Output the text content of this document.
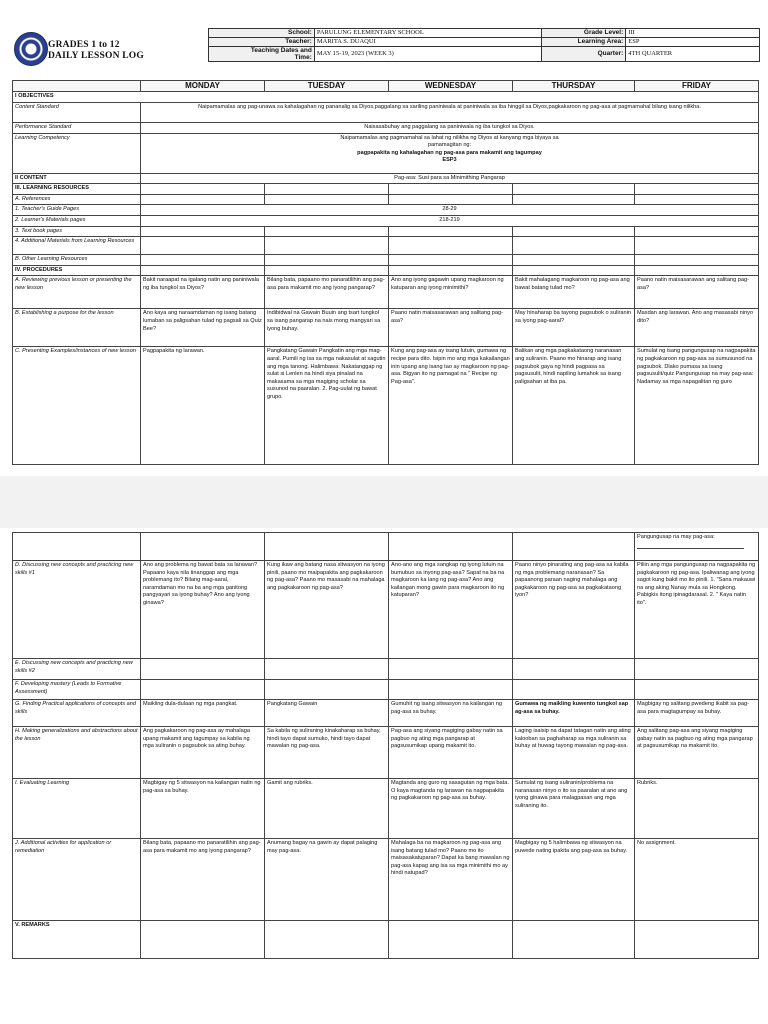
GRADES 1 to 12
DAILY LESSON LOG
School:	PARULUNG ELEMENTARY SCHOOL	Grade Level:	III
Teacher:	MARITA S. DUAQUI	Learning Area:	ESP
Teaching Dates and
Time:	MAY 15-19, 2023 (WEEK 3)	Quarter:	4TH QUARTER
	MONDAY	TUESDAY	WEDNESDAY	THURSDAY	FRIDAY
I OBJECTIVES					
Content Standard	Naipamamalas ang pag-unawa sa kahalagahan ng pananalig sa Diyos,paggalang sa sariling paniniwala at paniniwala sa iba hinggil sa Diyos,pagkakaroon ng pag-asa at pagmamahal bilang isang nilikha.				
Performance Standard	Naisasabuhay ang paggalang sa paniniwala ng iba tungkol sa Diyos.				
Learning Competency	Naipamamalas ang pagmamahal sa lahat ng nilikha ng Diyos at kanyang mga biyaya sa
pamamagitan ng:
pagpapakita ng kahalagahan ng pag-asa para makamit ang tagumpay
ESP3				

II CONTENT	Pag-asa: Susi para sa Minimithing Pangarap				
III. LEARNING RESOURCES					
A. References					
1. Teacher's Guide Pages	28-29				
2. Learner's Materials pages	218-219				
3. Text book pages					
4. Additional Materials from Learning Resources					
B. Other Learning Resources					
IV. PROCEDURES					
A. Reviewing previous lesson or presenting the new lesson	Bakit naraapat na igalang natin ang paniniwala ng iba tungkol sa Diyos?	Bilang bata, papaano mo panaratilihin ang pag-asa para makamit mo ang iyong pangarap?	Ano ang iyong gagawin upang magkaroon ng katuparan ang iyong minimithi?	Bakit mahalagang magkaroon ng pag-asa ang bawat batang tulad mo?	Paano natin maisasarawan ang salitang pag-asa?
B. Establishing a purpose for the lesson	Ano kaya ang naraamdaman ng isang batang lumaban sa paligsahan tulad ng pagsali sa Quiz Bee?	Indibidwal na Gawain Buuin ang tsart tungkol sa isang pangarap na nais mong mangyari sa iyong buhay.	Paano natin maisasarawan ang salitang pag-asa?	May hinaharap ba tayong pagsubok o suliranin sa iyong pag-aaral?	Masdan ang larawan. Ano ang masasabi ninyo dito?
C. Presenting Examples/instances of new lesson	Pagpapakita ng larawan.	Pangkatang Gawain Pangkatin ang mga mag-aaral. Pumili ng isa sa mga nakasulat at sagutin ang mga tanong. Halimbawa: Nakatanggap ng sulat si Lenlen na hindi siya pinalad na makasama sa mga magiging scholar sa susunod na paaralan. 2. Pag-uulat ng bawat grupo.	Kung ang pag-asa ay isang lutuin, gumawa ng recipe para dito. Isipin mo ang mga kakailangan inin upang ang isang tao ay magkaroon ng pag-asa. Bigyan ito ng pamagat na " Recipe ng Pag-asa".	Balikan ang mga pagkakataong naranasan ang suliranin. Paano mo hinarap ang isang pagsubok gaya ng hindi pagpasa sa pagsusulit, hindi napiling lumahok sa isang paligsahan at iba pa.	Sumulat ng isang pangungusap na nagpapakita ng pagkakaroon ng pag-asa sa sumusunod na pagsubok. Dlako pumasa sa isang pagsusulit/quiz Pangungusap na may pag-asa: Nadamay sa mga napagalitan ng guro
					Pangungusap na may pag-asa:

D. Discussing new concepts and practicing new skills #1	Ano ang problema ng bawat bata sa larawan? Papaano kaya nila tinanggap ang mga problemang ito? Bilang mag-aaral, naramdaman mo na ba ang mga ganitong pangyayari sa iyong buhay? Ano ang iyong ginawa?	Kung ikaw ang batang nasa sitwasyon na iyong pinili, paano mo maipapakita ang pagkakaroon ng pag-asa? Paano mo masasabi na mahalaga ang pagkakaroon ng pag-asa?	Ano-ano ang mga sangkap ng iyong lutuin na bumubuo sa inyong pag-asa? Sapat na ba na magkaroon ka lang ng pag-asa? Ano ang kailangan mong gawin para magkaroon ito ng katuparan?	Paano ninyo pinarating ang pag-asa sa kabila ng mga problemang naranasan? Sa papaanong paraan naging mahalaga ang pagkakaroon ng pag-asa sa pagkakataong iyon?	Piliin ang mga pangungusap na nagpapakita ng pagkakaroon ng pag-asa. Ipaliwanag ang iyong sagot kung bakit mo ito pinili. 1. "Sana makauwi na ang aking Nanay mula sa Hongkong. Pabigkis itong ipinagdarasal. 2. " Kaya natin ito".
E. Discussing new concepts and practicing new skills #2					
F. Developing mastery (Leads to Formative Assessment)					
G. Finding Practical applications of concepts and skills	Maikling dula-dulaan ng mga pangkat.	Pangkatang Gawain	Gumuhit ng isang sitwasyon na kailangan ng pag-asa sa buhay.	Gumawa ng maikling kuwento tungkol sap ag-asa sa buhay.	Magbigay ng salitang pwedeng ikabit sa pag-asa para magtagumpay sa buhay.
H. Making generalizations and abstractions about the lesson	Ang pagkakaroon ng pag-asa ay mahalaga upang makamit ang tagumpay sa kabila ng mga suliranin o pagsubok sa ating buhay.	Sa kabila ng suliraning kinakaharap sa buhay, hindi tayo dapat sumuko, hindi tayo dapat mawalan ng pag-asa.	Pag-asa ang siyang magiging gabay natin sa pagbuo ng ating mga pangarap at pagsusumikap upang makamit ito.	Laging isaisip na dapat tatagan natin ang ating kalooban sa paghaharap sa mga suliranin sa buhay at huwag tayong mawalan ng pag-asa.	Ang salitang pag-asa ang siyang magiging gabay natin sa pagbuo ng ating mga pangarap at pagsusumikap na makamit ito.
I. Evaluating Learning	Magbigay ng 5 sitwasyon na kailangan natin ng pag-asa sa buhay.	Gamit ang rubriks.	Magtanda ang guro ng sasagutan ng mga bata. O kaya magtanda ng larawan na nagpapakita ng pagkakaroon ng pag-asa sa buhay.	Sumulat ng isang suliranin/problema na naranasan ninyo o ito sa paaralan at ano ang iyong ginawa para malagpasan ang mga suliraning ito.	Rubriks.
J. Additional activities for application or remediation	Bilang bata, papaano mo panaratilihin ang pag-asa para makamit mo ang iyong pangarap?	Anumang bagay na gawin ay dapat palaging may pag-asa.	Mahalaga ba na magkaroon ng pag-asa ang isang batang tulad mo? Paano mo ito maisasakatuparan? Dapat ka bang mawalan ng pag-asa kapag ang isa sa mga minimithi mo ay hindi natupad?	Magbigay ng 5 halimbawa ng sitwasyon na puwede nating ipakita ang pag-asa sa buhay.	No assignment.
V. REMARKS					
